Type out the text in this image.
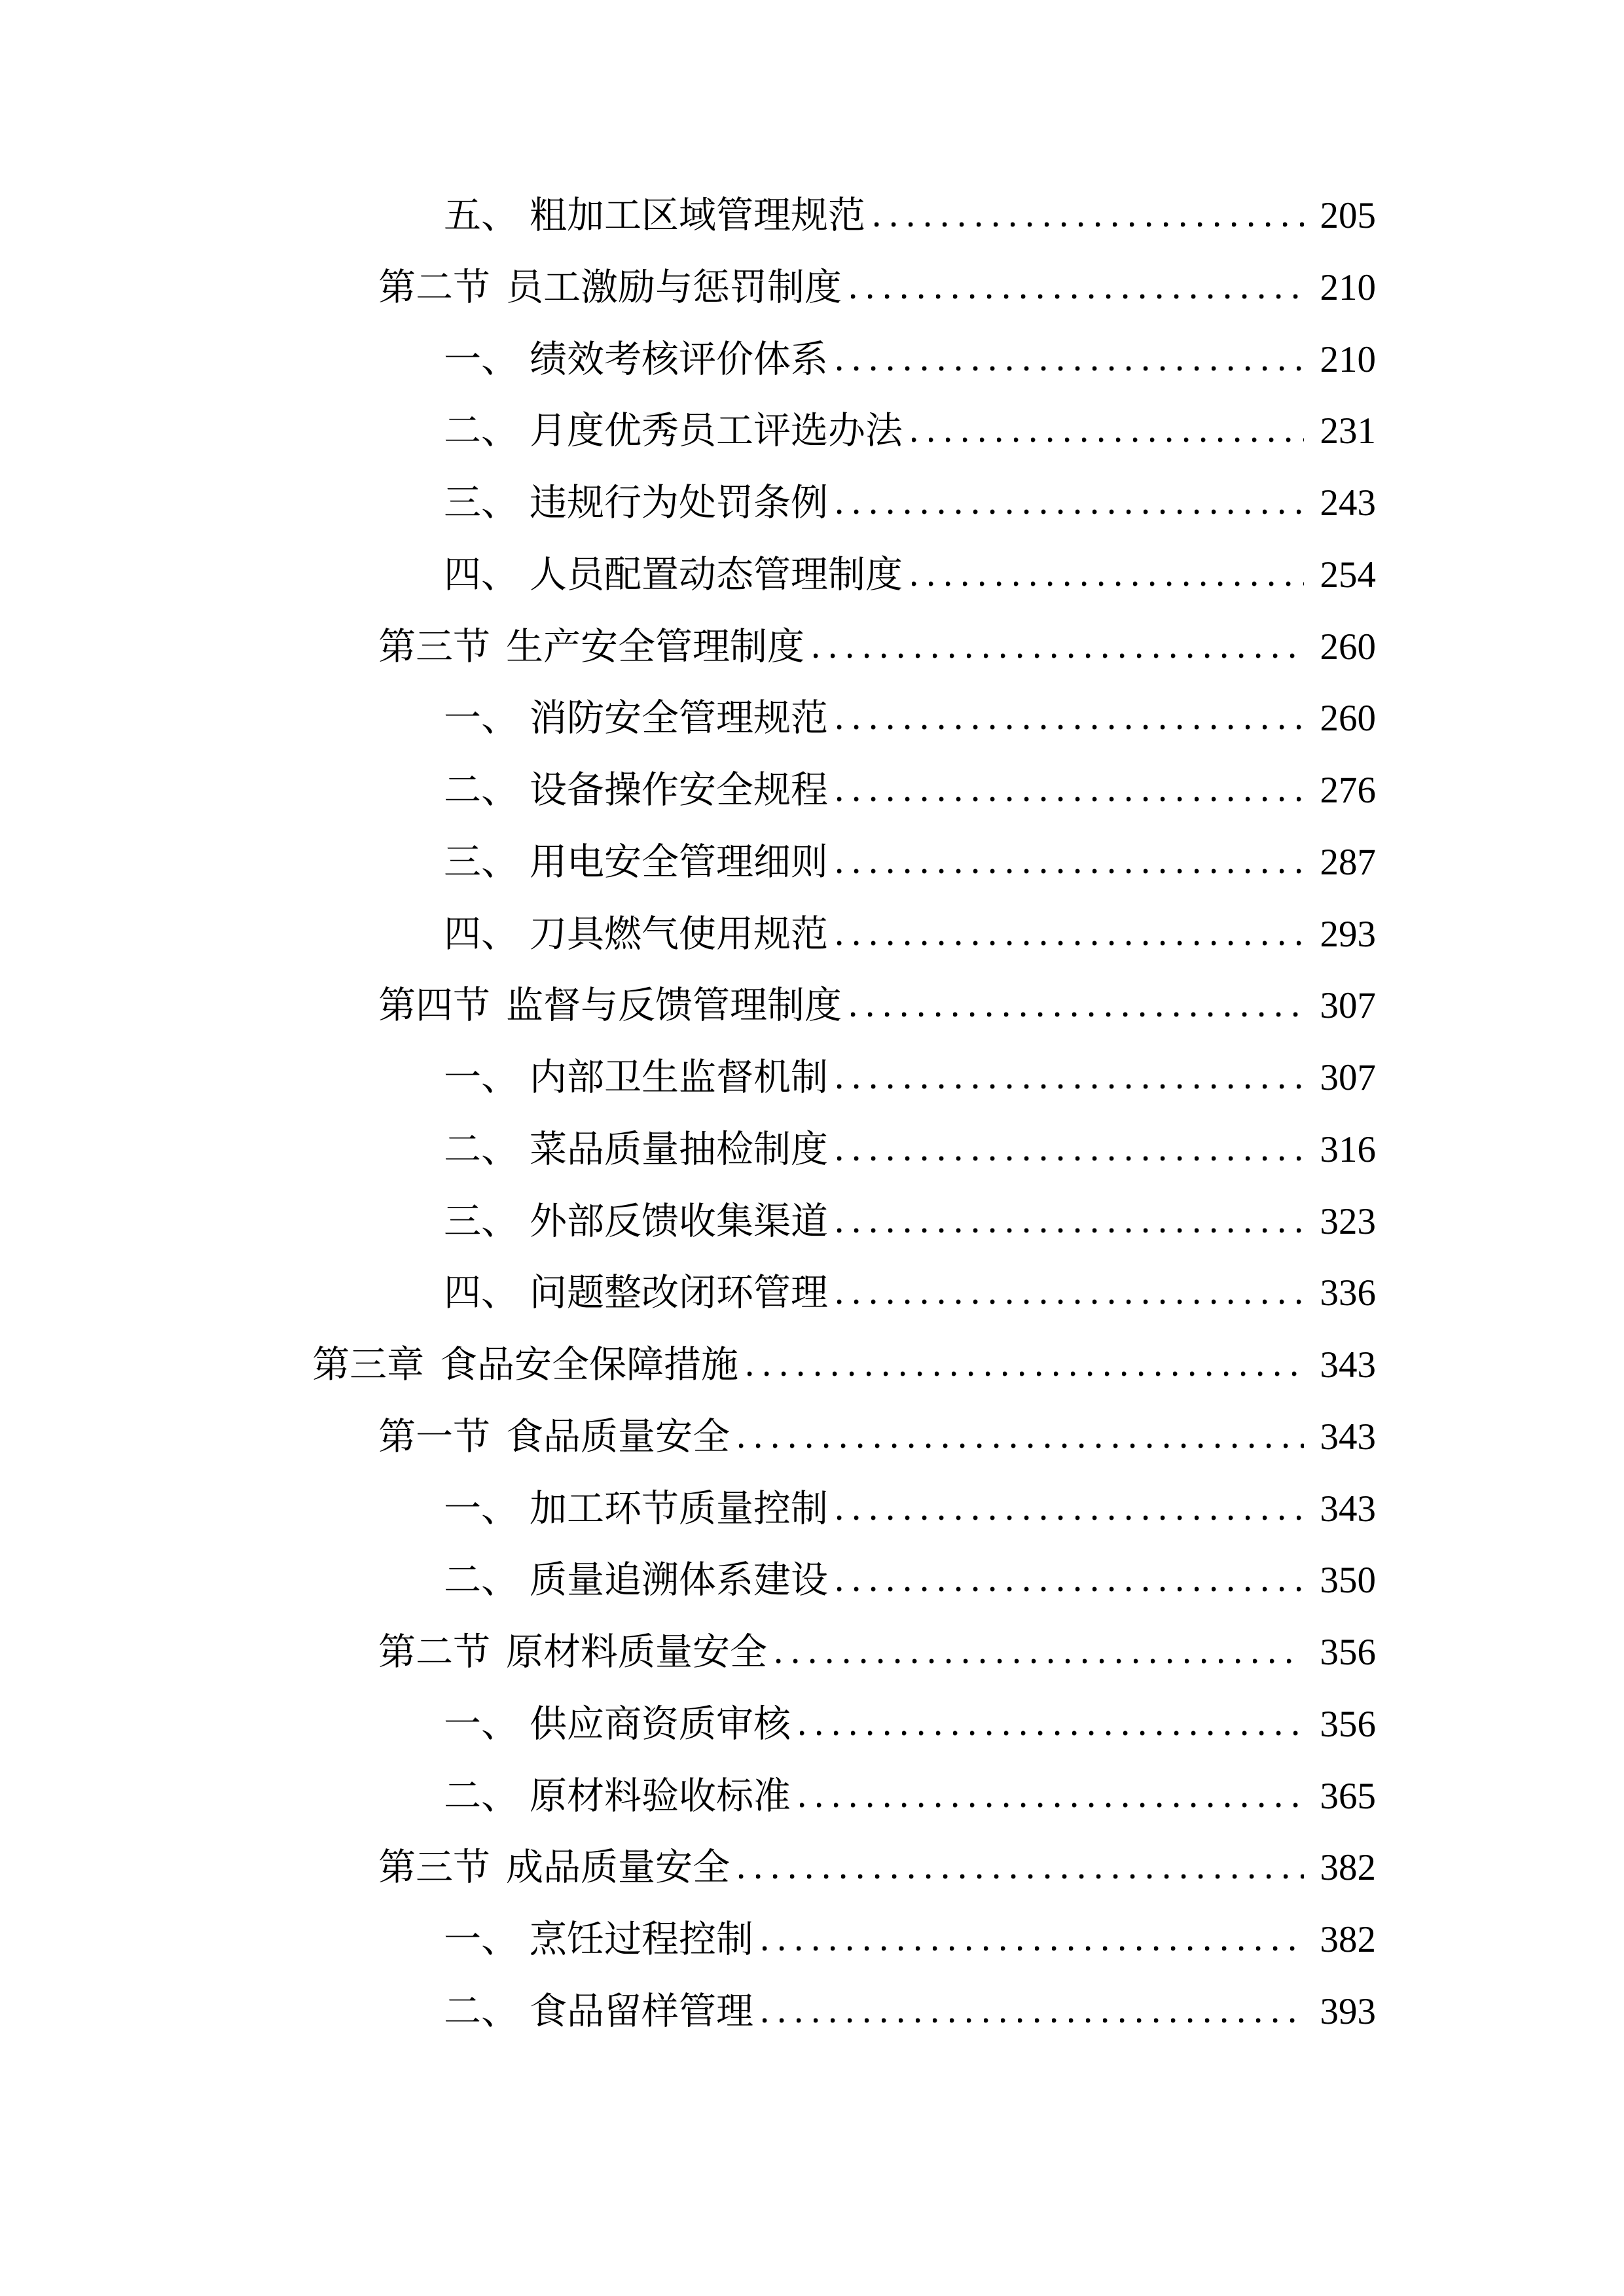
五、 粗加工区域管理规范	205
第二节 员工激励与惩罚制度	210
一、 绩效考核评价体系	210
二、 月度优秀员工评选办法	231
三、 违规行为处罚条例	243
四、 人员配置动态管理制度	254
第三节 生产安全管理制度	260
一、 消防安全管理规范	260
二、 设备操作安全规程	276
三、 用电安全管理细则	287
四、 刀具燃气使用规范	293
第四节 监督与反馈管理制度	307
一、 内部卫生监督机制	307
二、 菜品质量抽检制度	316
三、 外部反馈收集渠道	323
四、 问题整改闭环管理	336
第三章 食品安全保障措施	343
第一节 食品质量安全	343
一、 加工环节质量控制	343
二、 质量追溯体系建设	350
第二节 原材料质量安全	356
一、 供应商资质审核	356
二、 原材料验收标准	365
第三节 成品质量安全	382
一、 烹饪过程控制	382
二、 食品留样管理	393
